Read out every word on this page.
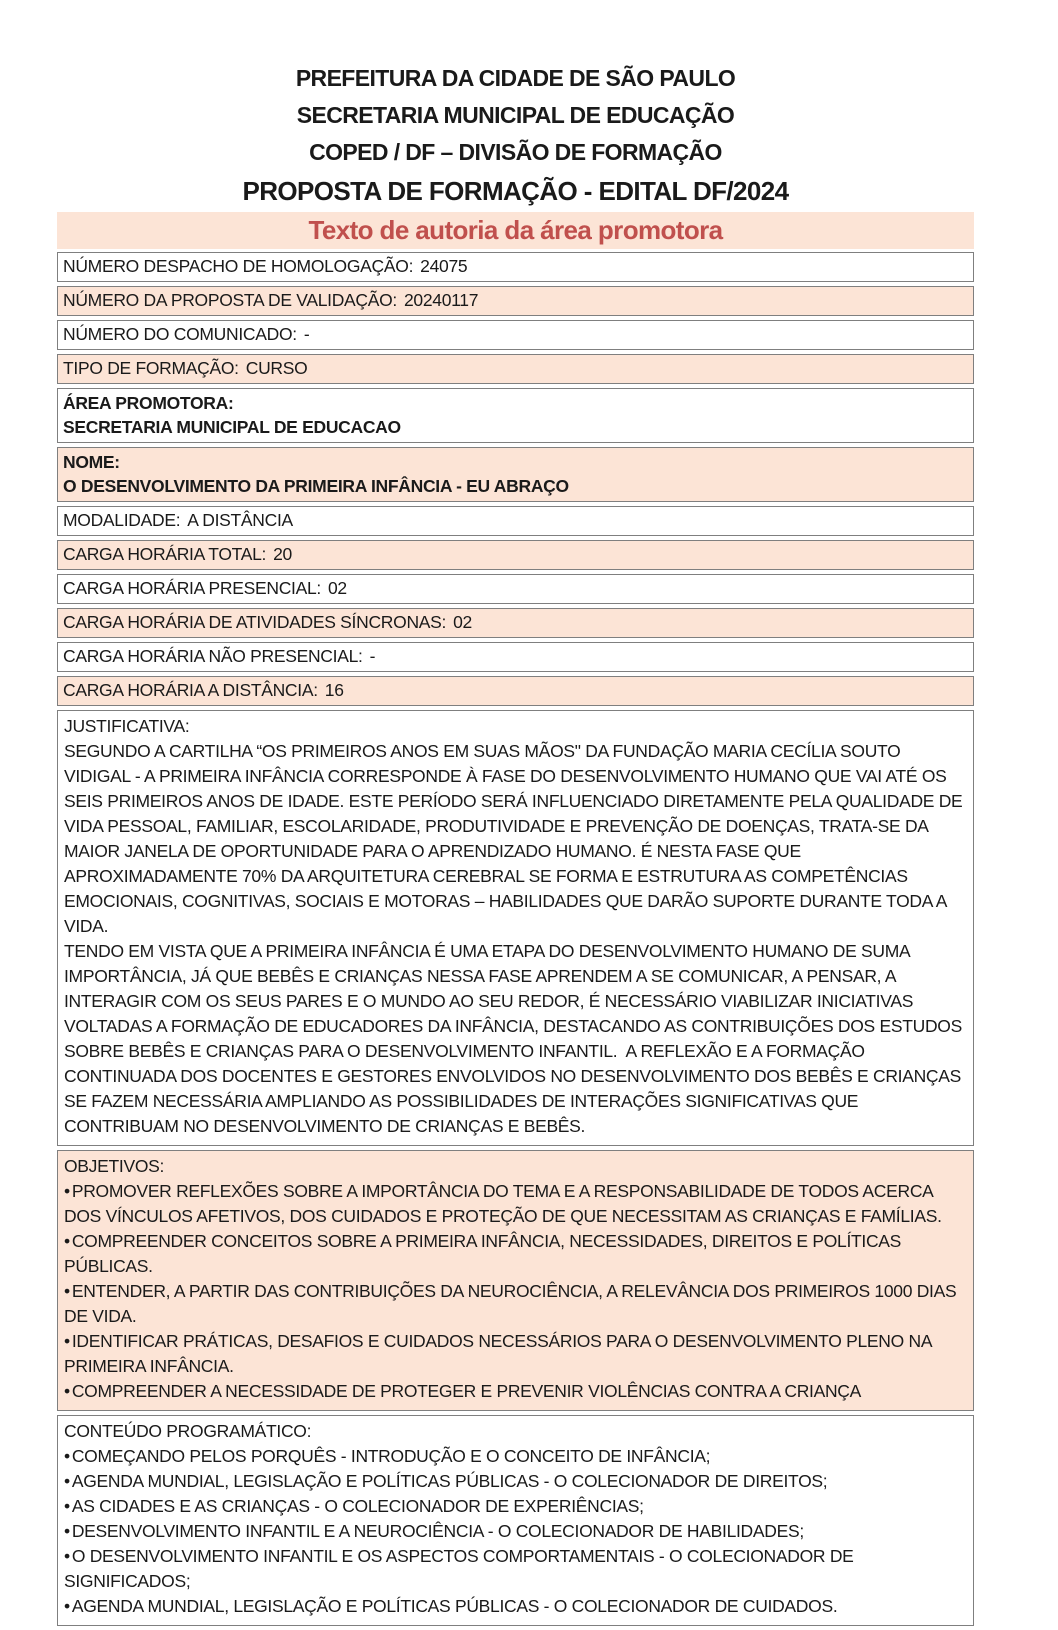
PREFEITURA DA CIDADE DE SÃO PAULO
SECRETARIA MUNICIPAL DE EDUCAÇÃO
COPED / DF – DIVISÃO DE FORMAÇÃO
PROPOSTA DE FORMAÇÃO - EDITAL DF/2024
Texto de autoria da área promotora
NÚMERO DESPACHO DE HOMOLOGAÇÃO: 24075
NÚMERO DA PROPOSTA DE VALIDAÇÃO: 20240117
NÚMERO DO COMUNICADO: -
TIPO DE FORMAÇÃO: CURSO
ÁREA PROMOTORA:
SECRETARIA MUNICIPAL DE EDUCACAO
NOME:
O DESENVOLVIMENTO DA PRIMEIRA INFÂNCIA - EU ABRAÇO
MODALIDADE: A DISTÂNCIA
CARGA HORÁRIA TOTAL: 20
CARGA HORÁRIA PRESENCIAL: 02
CARGA HORÁRIA DE ATIVIDADES SÍNCRONAS: 02
CARGA HORÁRIA NÃO PRESENCIAL: -
CARGA HORÁRIA A DISTÂNCIA: 16
JUSTIFICATIVA:

SEGUNDO A CARTILHA “OS PRIMEIROS ANOS EM SUAS MÃOS" DA FUNDAÇÃO MARIA CECÍLIA SOUTO VIDIGAL - A PRIMEIRA INFÂNCIA CORRESPONDE À FASE DO DESENVOLVIMENTO HUMANO QUE VAI ATÉ OS SEIS PRIMEIROS ANOS DE IDADE. ESTE PERÍODO SERÁ INFLUENCIADO DIRETAMENTE PELA QUALIDADE DE VIDA PESSOAL, FAMILIAR, ESCOLARIDADE, PRODUTIVIDADE E PREVENÇÃO DE DOENÇAS, TRATA-SE DA MAIOR JANELA DE OPORTUNIDADE PARA O APRENDIZADO HUMANO. É NESTA FASE QUE APROXIMADAMENTE 70% DA ARQUITETURA CEREBRAL SE FORMA E ESTRUTURA AS COMPETÊNCIAS EMOCIONAIS, COGNITIVAS, SOCIAIS E MOTORAS – HABILIDADES QUE DARÃO SUPORTE DURANTE TODA A VIDA.

TENDO EM VISTA QUE A PRIMEIRA INFÂNCIA É UMA ETAPA DO DESENVOLVIMENTO HUMANO DE SUMA IMPORTÂNCIA, JÁ QUE BEBÊS E CRIANÇAS NESSA FASE APRENDEM A SE COMUNICAR, A PENSAR, A INTERAGIR COM OS SEUS PARES E O MUNDO AO SEU REDOR, É NECESSÁRIO VIABILIZAR INICIATIVAS VOLTADAS A FORMAÇÃO DE EDUCADORES DA INFÂNCIA, DESTACANDO AS CONTRIBUIÇÕES DOS ESTUDOS SOBRE BEBÊS E CRIANÇAS PARA O DESENVOLVIMENTO INFANTIL.  A REFLEXÃO E A FORMAÇÃO CONTINUADA DOS DOCENTES E GESTORES ENVOLVIDOS NO DESENVOLVIMENTO DOS BEBÊS E CRIANÇAS SE FAZEM NECESSÁRIA AMPLIANDO AS POSSIBILIDADES DE INTERAÇÕES SIGNIFICATIVAS QUE CONTRIBUAM NO DESENVOLVIMENTO DE CRIANÇAS E BEBÊS.

OBJETIVOS:
• PROMOVER REFLEXÕES SOBRE A IMPORTÂNCIA DO TEMA E A RESPONSABILIDADE DE TODOS ACERCA DOS VÍNCULOS AFETIVOS, DOS CUIDADOS E PROTEÇÃO DE QUE NECESSITAM AS CRIANÇAS E FAMÍLIAS.
• COMPREENDER CONCEITOS SOBRE A PRIMEIRA INFÂNCIA, NECESSIDADES, DIREITOS E POLÍTICAS PÚBLICAS.
• ENTENDER, A PARTIR DAS CONTRIBUIÇÕES DA NEUROCIÊNCIA, A RELEVÂNCIA DOS PRIMEIROS 1000 DIAS DE VIDA.
• IDENTIFICAR PRÁTICAS, DESAFIOS E CUIDADOS NECESSÁRIOS PARA O DESENVOLVIMENTO PLENO NA PRIMEIRA INFÂNCIA.
• COMPREENDER A NECESSIDADE DE PROTEGER E PREVENIR VIOLÊNCIAS CONTRA A CRIANÇA
CONTEÚDO PROGRAMÁTICO:
• COMEÇANDO PELOS PORQUÊS - INTRODUÇÃO E O CONCEITO DE INFÂNCIA;
• AGENDA MUNDIAL, LEGISLAÇÃO E POLÍTICAS PÚBLICAS - O COLECIONADOR DE DIREITOS;
• AS CIDADES E AS CRIANÇAS - O COLECIONADOR DE EXPERIÊNCIAS;
• DESENVOLVIMENTO INFANTIL E A NEUROCIÊNCIA - O COLECIONADOR DE HABILIDADES;
• O DESENVOLVIMENTO INFANTIL E OS ASPECTOS COMPORTAMENTAIS - O COLECIONADOR DE SIGNIFICADOS;
• AGENDA MUNDIAL, LEGISLAÇÃO E POLÍTICAS PÚBLICAS - O COLECIONADOR DE CUIDADOS.
